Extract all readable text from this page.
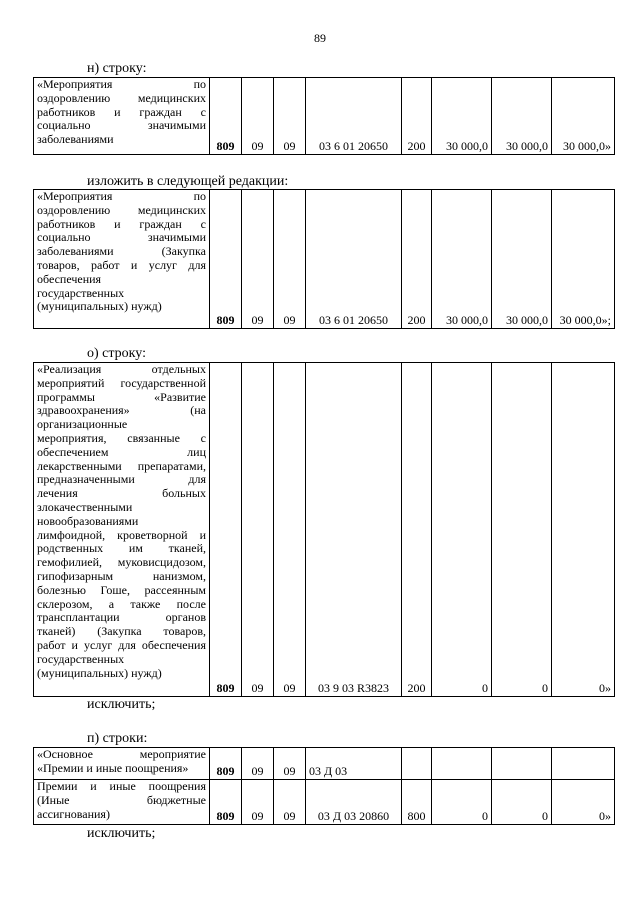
89
н) строку:
«Мероприятия по
оздоровлению медицинских
работников и граждан с
социально значимыми
заболеваниями
	809	09	09	03 6 01 20650	200	30 000,0	30 000,0	30 000,0»
изложить в следующей редакции:
«Мероприятия по
оздоровлению медицинских
работников и граждан с
социально значимыми
заболеваниями (Закупка
товаров, работ и услуг для
обеспечения
государственных
(муниципальных) нужд)
	809	09	09	03 6 01 20650	200	30 000,0	30 000,0	30 000,0»;
о) строку:
«Реализация отдельных
мероприятий государственной
программы «Развитие
здравоохранения» (на
организационные
мероприятия, связанные с
обеспечением лиц
лекарственными препаратами,
предназначенными для
лечения больных
злокачественными
новообразованиями
лимфоидной, кроветворной и
родственных им тканей,
гемофилией, муковисцидозом,
гипофизарным нанизмом,
болезнью Гоше, рассеянным
склерозом, а также после
трансплантации органов
тканей) (Закупка товаров,
работ и услуг для обеспечения
государственных
(муниципальных) нужд)
	809	09	09	03 9 03 R3823	200	0	0	0»
исключить;
п) строки:
«Основное мероприятие
«Премии и иные поощрения»	809	09	09	03 Д 03				

Премии и иные поощрения
(Иные бюджетные
ассигнования)	809	09	09	03 Д 03 20860	800	0	0	0»
исключить;
